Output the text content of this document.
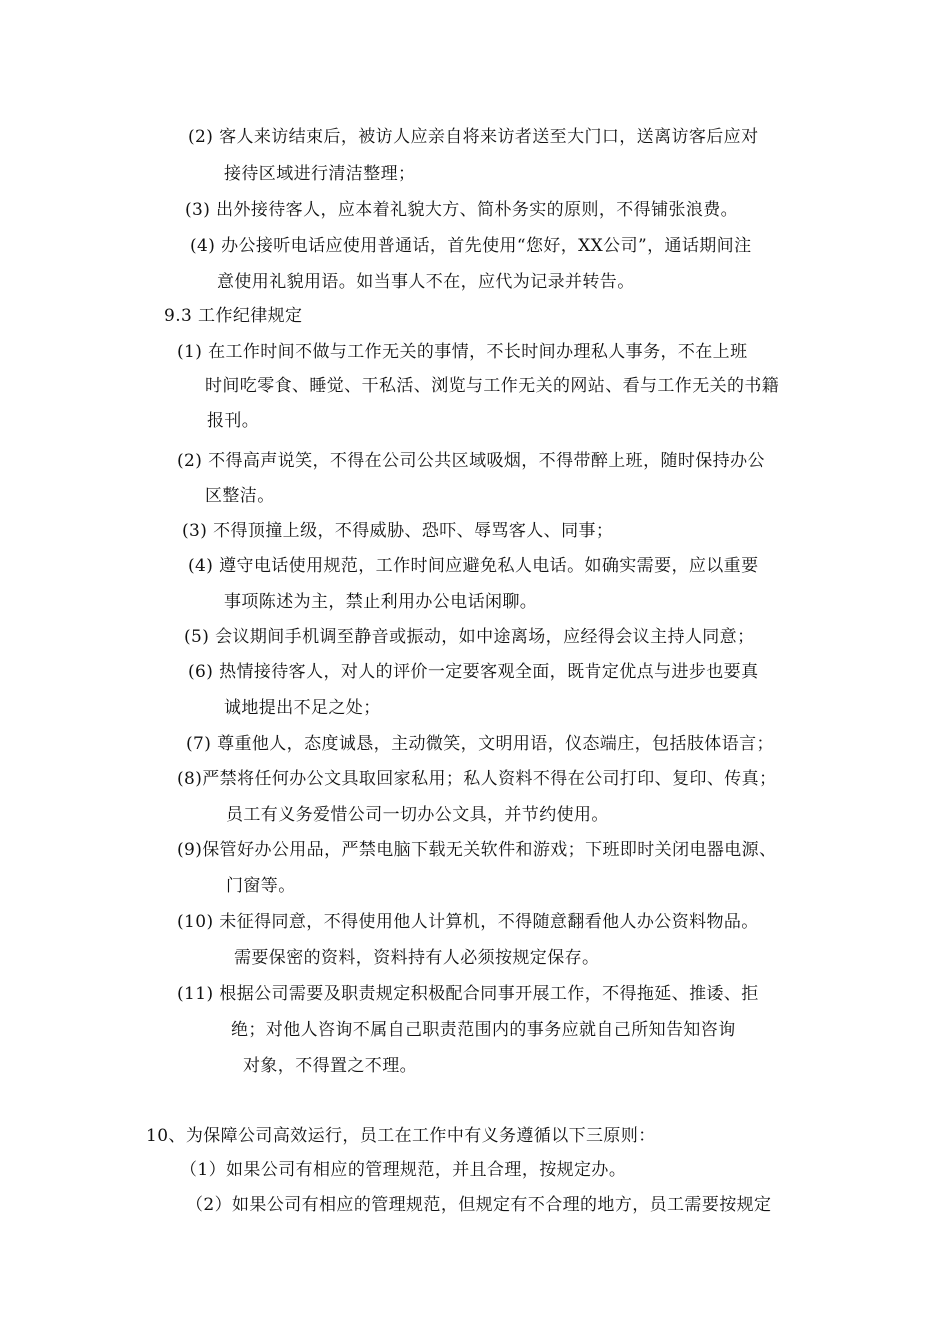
(2) 客人来访结束后，被访人应亲自将来访者送至大门口，送离访客后应对
接待区域进行清洁整理；
(3) 出外接待客人，应本着礼貌大方、简朴务实的原则，不得铺张浪费。
(4) 办公接听电话应使用普通话，首先使用“您好，XX公司”，通话期间注
意使用礼貌用语。如当事人不在，应代为记录并转告。
9.3 工作纪律规定
(1) 在工作时间不做与工作无关的事情，不长时间办理私人事务，不在上班
时间吃零食、睡觉、干私活、浏览与工作无关的网站、看与工作无关的书籍
报刊。
(2) 不得高声说笑，不得在公司公共区域吸烟，不得带醉上班，随时保持办公
区整洁。
(3) 不得顶撞上级，不得威胁、恐吓、辱骂客人、同事；
(4) 遵守电话使用规范，工作时间应避免私人电话。如确实需要，应以重要
事项陈述为主，禁止利用办公电话闲聊。
(5) 会议期间手机调至静音或振动，如中途离场，应经得会议主持人同意；
(6) 热情接待客人，对人的评价一定要客观全面，既肯定优点与进步也要真
诚地提出不足之处；
(7) 尊重他人，态度诚恳，主动微笑，文明用语，仪态端庄，包括肢体语言；
(8)严禁将任何办公文具取回家私用；私人资料不得在公司打印、复印、传真；
员工有义务爱惜公司一切办公文具，并节约使用。
(9)保管好办公用品，严禁电脑下载无关软件和游戏；下班即时关闭电器电源、
门窗等。
(10) 未征得同意，不得使用他人计算机，不得随意翻看他人办公资料物品。
需要保密的资料，资料持有人必须按规定保存。
(11) 根据公司需要及职责规定积极配合同事开展工作，不得拖延、推诿、拒
绝；对他人咨询不属自己职责范围内的事务应就自己所知告知咨询
对象，不得置之不理。
10、为保障公司高效运行，员工在工作中有义务遵循以下三原则：
（1）如果公司有相应的管理规范，并且合理，按规定办。
（2）如果公司有相应的管理规范，但规定有不合理的地方，员工需要按规定
